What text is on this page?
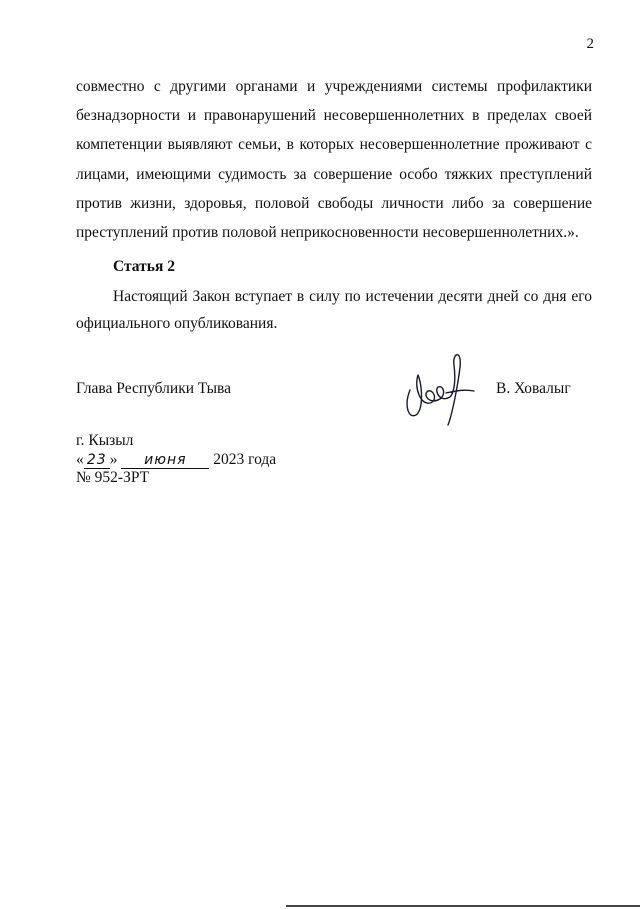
2
совместно с другими органами и учреждениями системы профилактики
безнадзорности и правонарушений несовершеннолетних в пределах своей
компетенции выявляют семьи, в которых несовершеннолетние проживают с
лицами, имеющими судимость за совершение особо тяжких преступлений
против жизни, здоровья, половой свободы личности либо за совершение
преступлений против половой неприкосновенности несовершеннолетних.».
Статья 2
Настоящий Закон вступает в силу по истечении десяти дней со дня его
официального опубликования.
Глава Республики Тыва	В. Ховалыг
г. Кызыл
« 23 » июня 2023 года
№ 952-ЗРТ
